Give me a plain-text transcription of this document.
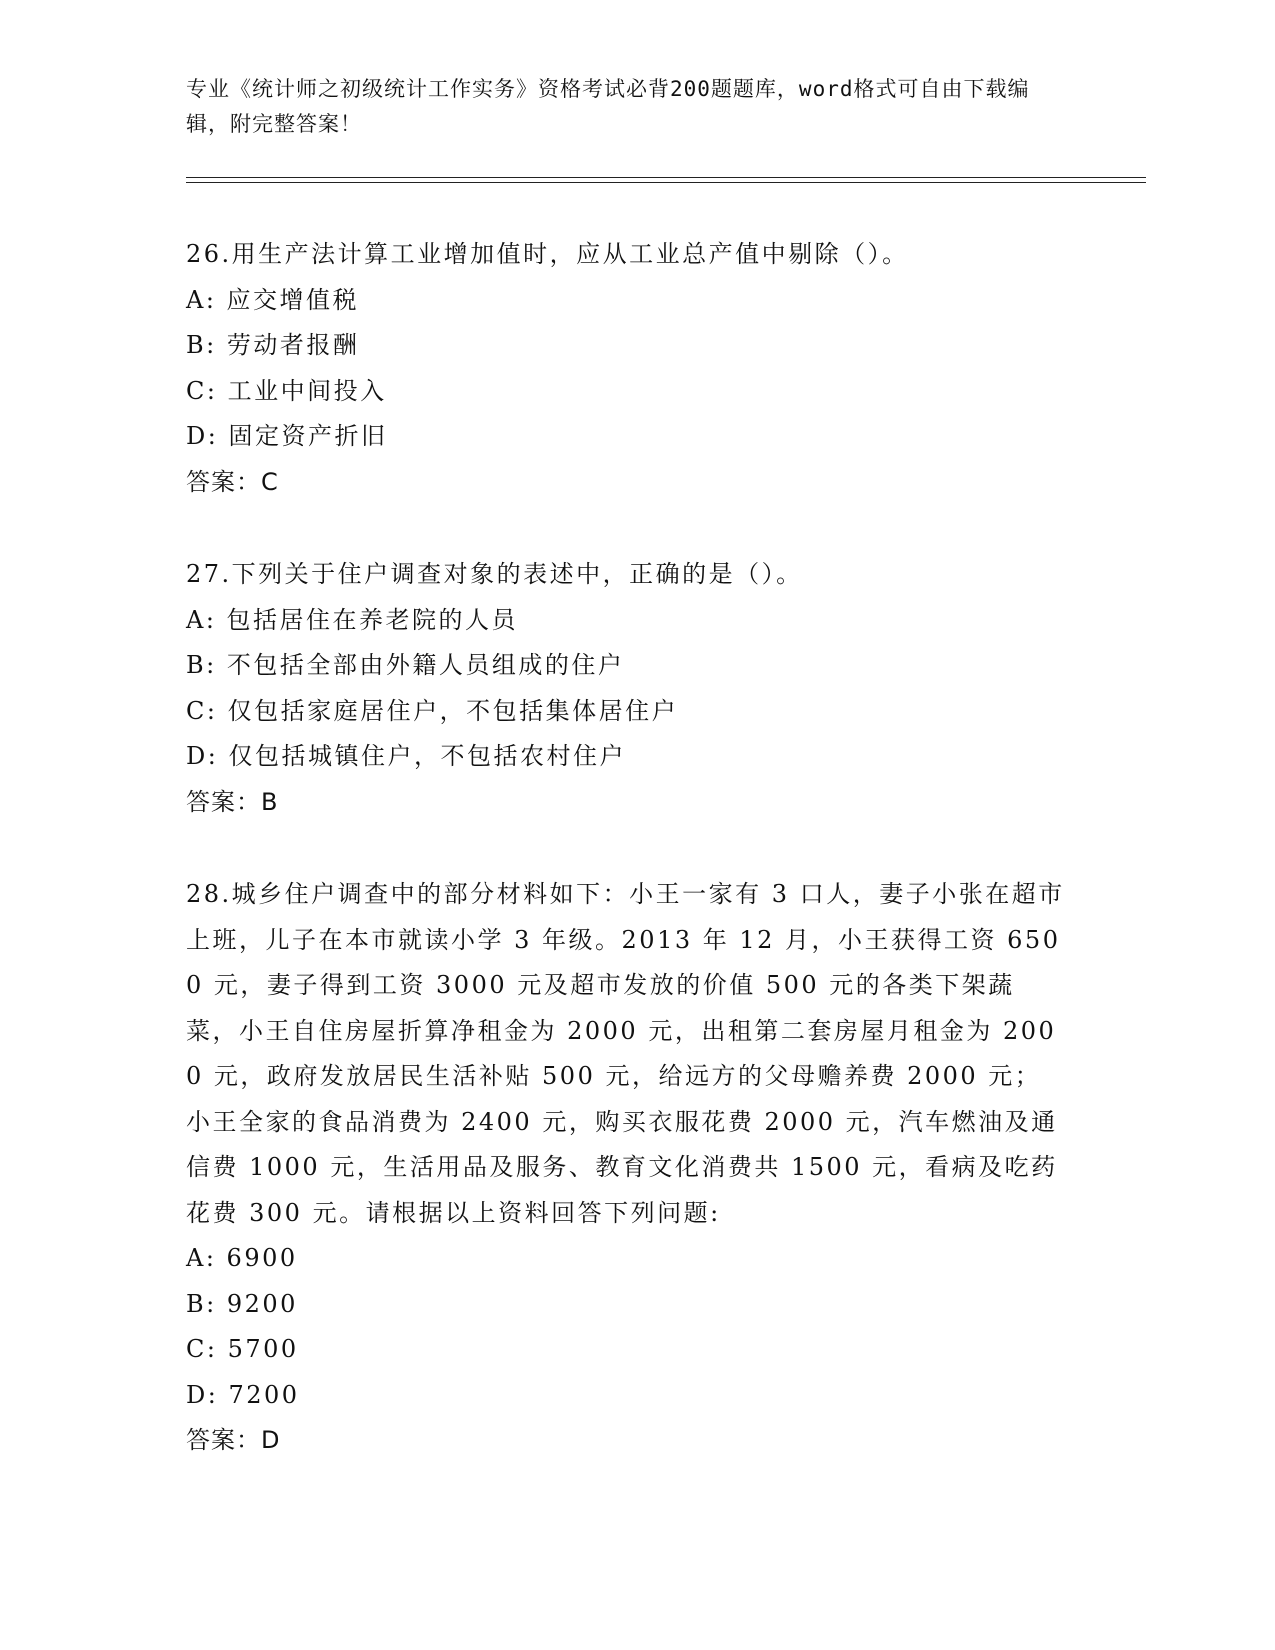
专业《统计师之初级统计工作实务》资格考试必背200题题库，word格式可自由下载编辑，附完整答案！
26.用生产法计算工业增加值时，应从工业总产值中剔除（）。
A: 应交增值税
B: 劳动者报酬
C: 工业中间投入
D: 固定资产折旧
答案：C
27.下列关于住户调查对象的表述中，正确的是（）。
A: 包括居住在养老院的人员
B: 不包括全部由外籍人员组成的住户
C: 仅包括家庭居住户，不包括集体居住户
D: 仅包括城镇住户，不包括农村住户
答案：B
28.城乡住户调查中的部分材料如下：小王一家有 3 口人，妻子小张在超市上班，儿子在本市就读小学 3 年级。2013 年 12 月，小王获得工资 6500 元，妻子得到工资 3000 元及超市发放的价值 500 元的各类下架蔬菜，小王自住房屋折算净租金为 2000 元，出租第二套房屋月租金为 2000 元，政府发放居民生活补贴 500 元，给远方的父母赡养费 2000 元；小王全家的食品消费为 2400 元，购买衣服花费 2000 元，汽车燃油及通信费 1000 元，生活用品及服务、教育文化消费共 1500 元，看病及吃药花费 300 元。请根据以上资料回答下列问题:
A: 6900
B: 9200
C: 5700
D: 7200
答案：D
